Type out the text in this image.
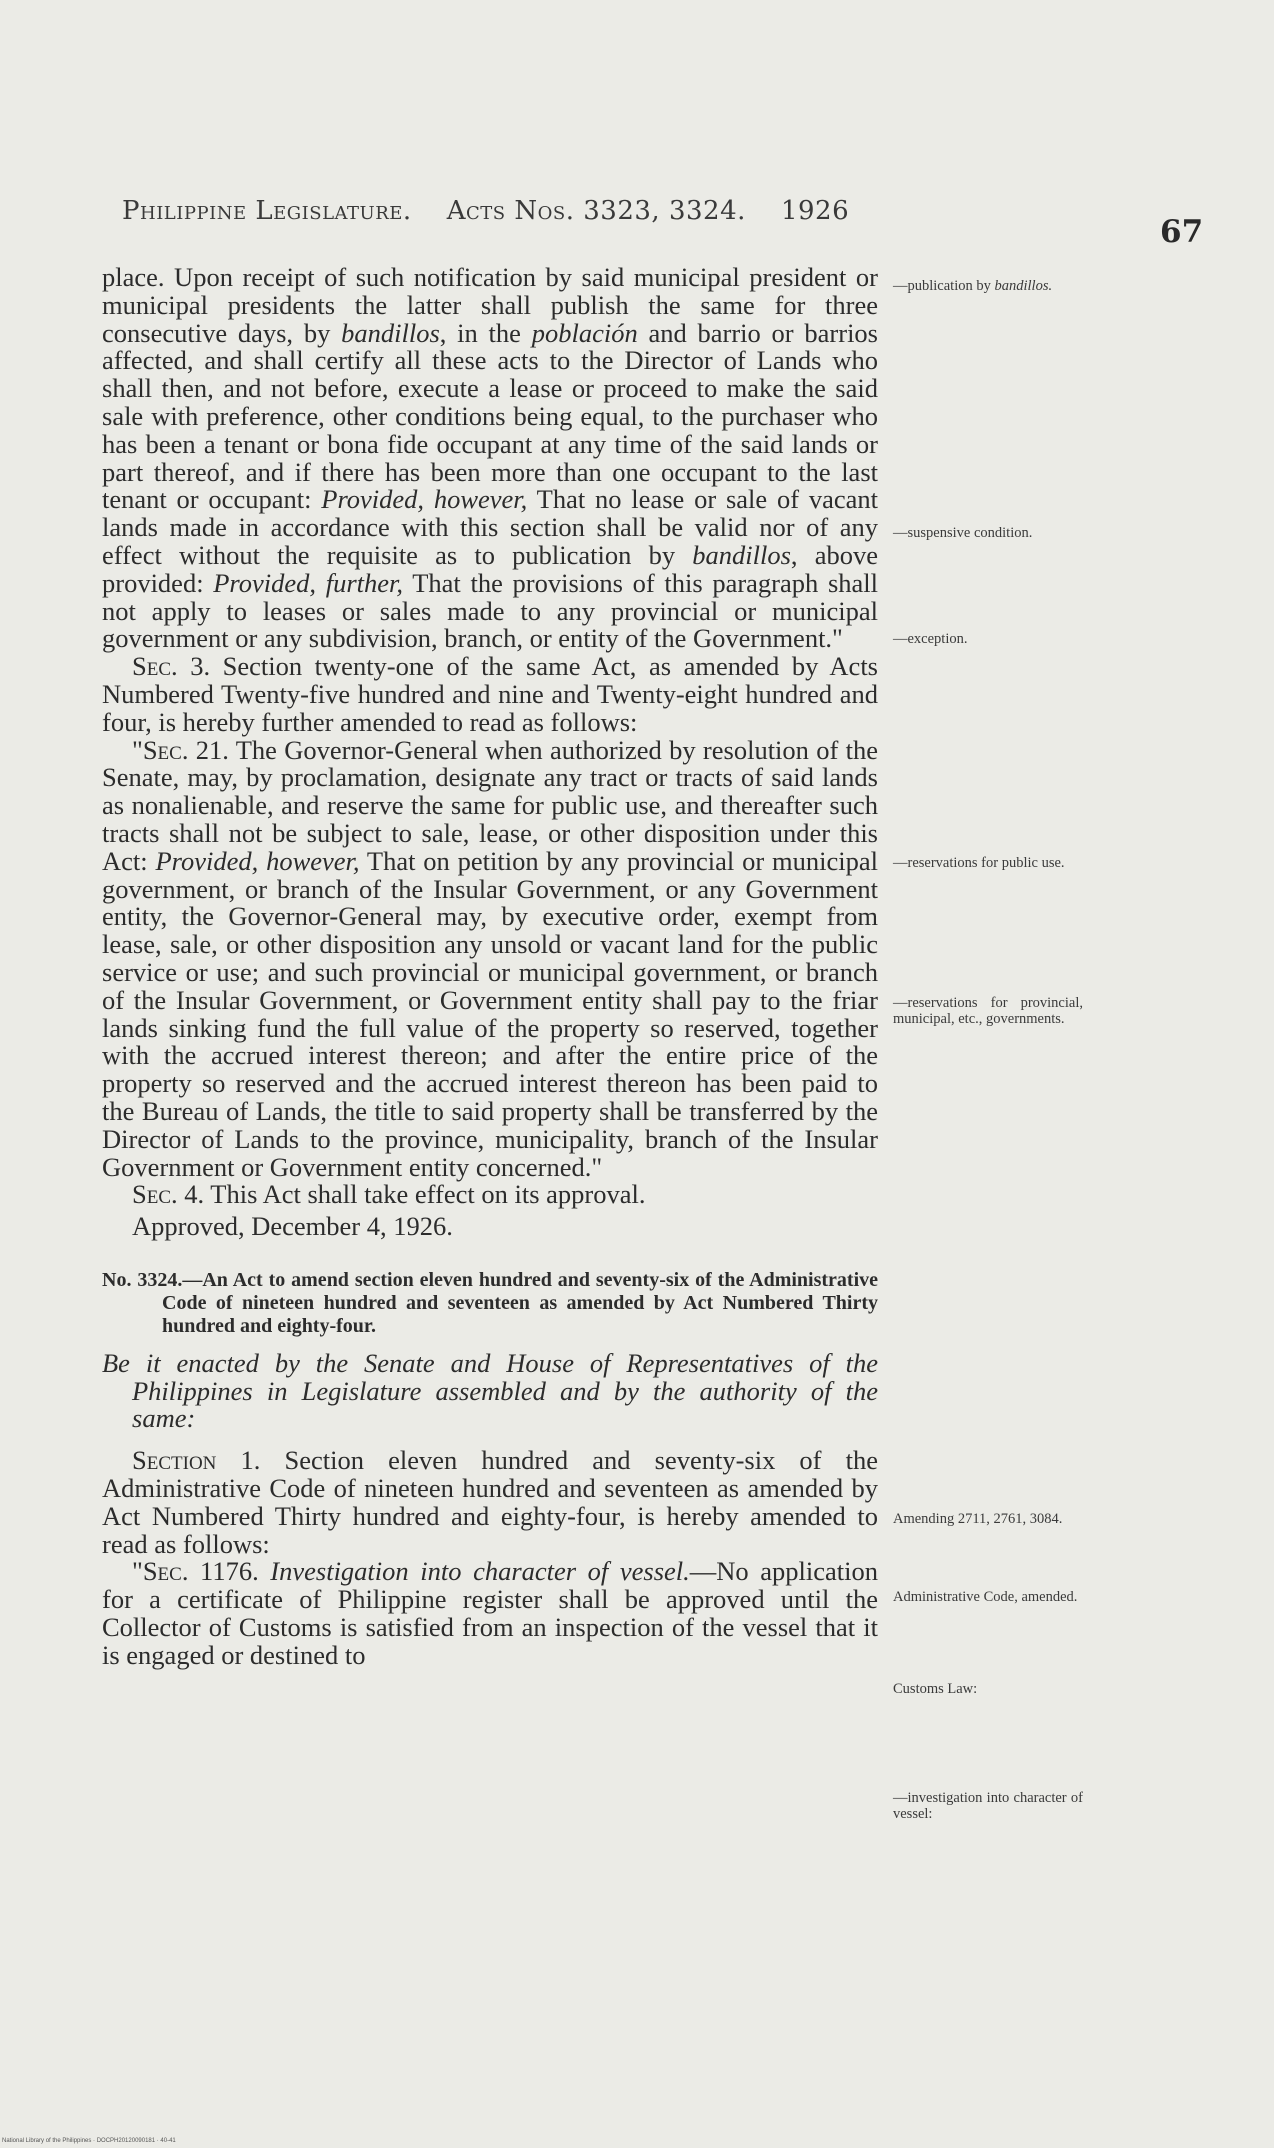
Philippine Legislature. Acts Nos. 3323, 3324. 1926
67

place. Upon receipt of such notification by said municipal president or municipal presidents the latter shall publish the same for three consecutive days, by bandillos, in the población and barrio or barrios affected, and shall certify all these acts to the Director of Lands who shall then, and not before, execute a lease or proceed to make the said sale with preference, other conditions being equal, to the purchaser who has been a tenant or bona fide occupant at any time of the said lands or part thereof, and if there has been more than one occupant to the last tenant or occupant: Provided, however, That no lease or sale of vacant lands made in accordance with this section shall be valid nor of any effect without the requisite as to publication by bandillos, above provided: Provided, further, That the provisions of this paragraph shall not apply to leases or sales made to any provincial or municipal government or any subdivision, branch, or entity of the Government."

Sec. 3. Section twenty-one of the same Act, as amended by Acts Numbered Twenty-five hundred and nine and Twenty-eight hundred and four, is hereby further amended to read as follows:

"Sec. 21. The Governor-General when authorized by resolution of the Senate, may, by proclamation, designate any tract or tracts of said lands as nonalienable, and reserve the same for public use, and thereafter such tracts shall not be subject to sale, lease, or other disposition under this Act: Provided, however, That on petition by any provincial or municipal government, or branch of the Insular Government, or any Government entity, the Governor-General may, by executive order, exempt from lease, sale, or other disposition any unsold or vacant land for the public service or use; and such provincial or municipal government, or branch of the Insular Government, or Government entity shall pay to the friar lands sinking fund the full value of the property so reserved, together with the accrued interest thereon; and after the entire price of the property so reserved and the accrued interest thereon has been paid to the Bureau of Lands, the title to said property shall be transferred by the Director of Lands to the province, municipality, branch of the Insular Government or Government entity concerned."

Sec. 4. This Act shall take effect on its approval.

Approved, December 4, 1926.

No. 3324.—An Act to amend section eleven hundred and seventy-six of the Administrative Code of nineteen hundred and seventeen as amended by Act Numbered Thirty hundred and eighty-four.

Be it enacted by the Senate and House of Representatives of the Philippines in Legislature assembled and by the authority of the same:

Section 1. Section eleven hundred and seventy-six of the Administrative Code of nineteen hundred and seventeen as amended by Act Numbered Thirty hundred and eighty-four, is hereby amended to read as follows:

"Sec. 1176. Investigation into character of vessel.—No application for a certificate of Philippine register shall be approved until the Collector of Customs is satisfied from an inspection of the vessel that it is engaged or destined to

—publication by bandillos.
—suspensive condition.
—exception.
—reservations for public use.
—reservations for provincial, municipal, etc., governments.
Amending 2711, 2761, 3084.
Administrative Code, amended.
Customs Law:
—investigation into character of vessel:
National Library of the Philippines · DOCPH20120090181 · 40-41
